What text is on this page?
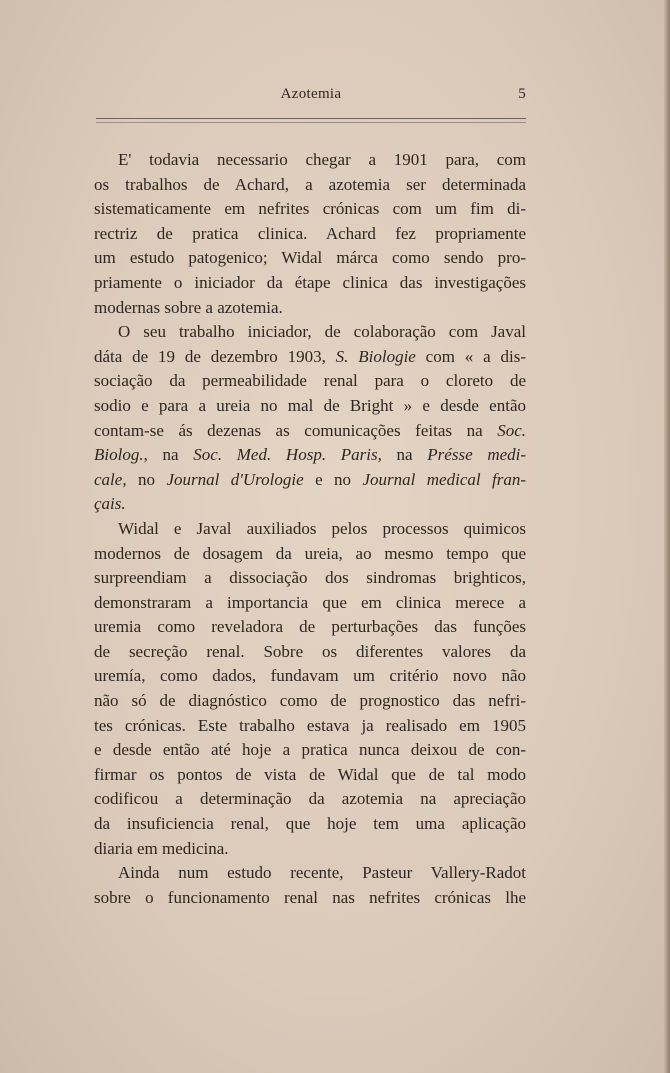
Azotemia	5
E' todavia necessario chegar a 1901 para, com
os trabalhos de Achard, a azotemia ser determinada
sistematicamente em nefrites crónicas com um fim di-
rectriz de pratica clinica. Achard fez propriamente
um estudo patogenico; Widal márca como sendo pro-
priamente o iniciador da étape clinica das investigações
modernas sobre a azotemia.
O seu trabalho iniciador, de colaboração com Javal
dáta de 19 de dezembro 1903, S. Biologie com « a dis-
sociação da permeabilidade renal para o cloreto de
sodio e para a ureia no mal de Bright » e desde então
contam-se ás dezenas as comunicações feitas na Soc.
Biolog., na Soc. Med. Hosp. Paris, na Présse medi-
cale, no Journal d'Urologie e no Journal medical fran-
çais.
Widal e Javal auxiliados pelos processos quimicos
modernos de dosagem da ureia, ao mesmo tempo que
surpreendiam a dissociação dos sindromas brighticos,
demonstraram a importancia que em clinica merece a
uremia como reveladora de perturbações das funções
de secreção renal. Sobre os diferentes valores da
uremía, como dados, fundavam um critério novo não
não só de diagnóstico como de prognostico das nefri-
tes crónicas. Este trabalho estava ja realisado em 1905
e desde então até hoje a pratica nunca deixou de con-
firmar os pontos de vista de Widal que de tal modo
codificou a determinação da azotemia na apreciação
da insuficiencia renal, que hoje tem uma aplicação
diaria em medicina.
Ainda num estudo recente, Pasteur Vallery-Radot
sobre o funcionamento renal nas nefrites crónicas lhe
